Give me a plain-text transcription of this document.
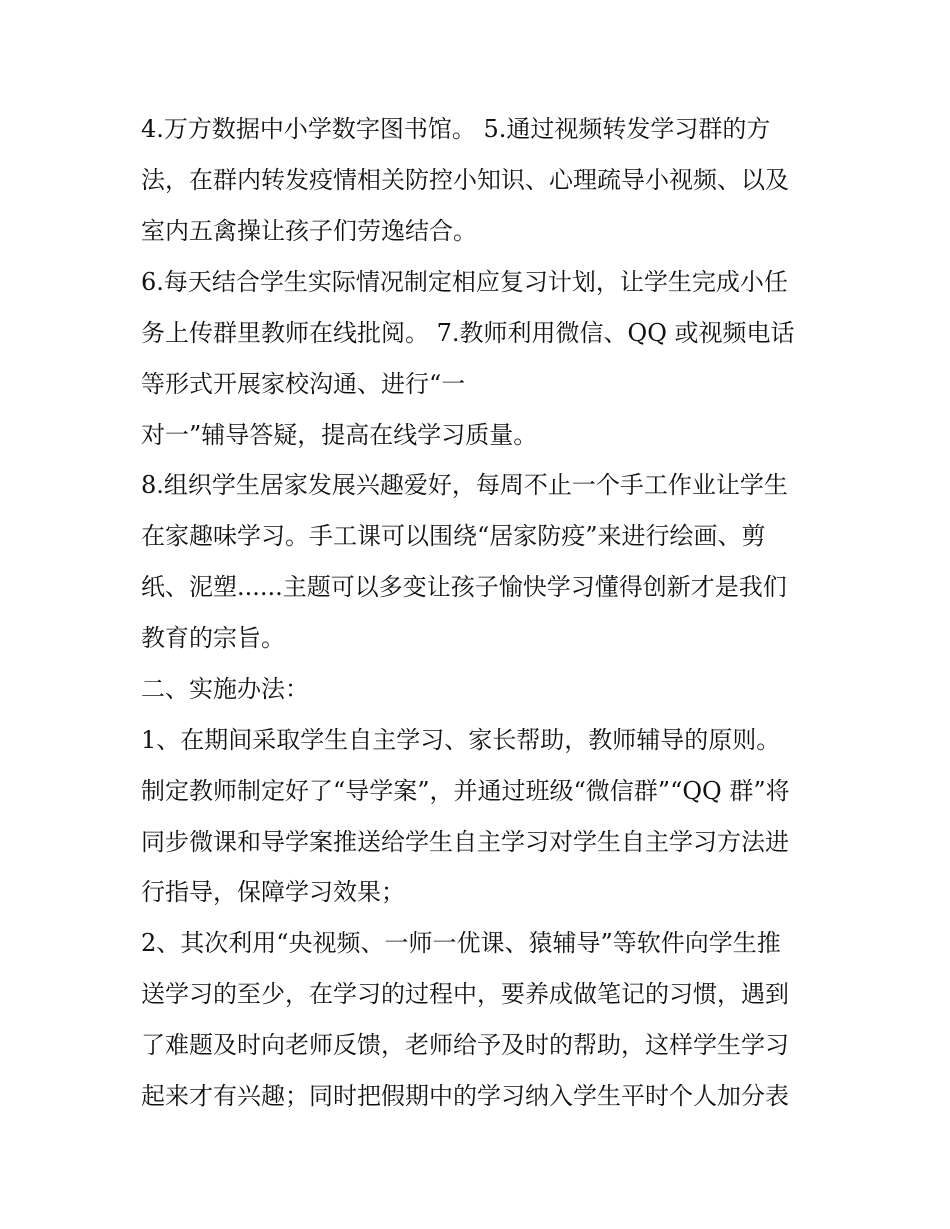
4.万方数据中小学数字图书馆。 5.通过视频转发学习群的方
法，在群内转发疫情相关防控小知识、心理疏导小视频、以及
室内五禽操让孩子们劳逸结合。
6.每天结合学生实际情况制定相应复习计划，让学生完成小任
务上传群里教师在线批阅。 7.教师利用微信、QQ 或视频电话
等形式开展家校沟通、进行“一
对一”辅导答疑，提高在线学习质量。
8.组织学生居家发展兴趣爱好，每周不止一个手工作业让学生
在家趣味学习。手工课可以围绕“居家防疫”来进行绘画、剪
纸、泥塑......主题可以多变让孩子愉快学习懂得创新才是我们
教育的宗旨。
二、实施办法：
1、在期间采取学生自主学习、家长帮助，教师辅导的原则。
制定教师制定好了“导学案”，并通过班级“微信群”“QQ 群”将
同步微课和导学案推送给学生自主学习对学生自主学习方法进
行指导，保障学习效果；
2、其次利用“央视频、一师一优课、猿辅导”等软件向学生推
送学习的至少，在学习的过程中，要养成做笔记的习惯，遇到
了难题及时向老师反馈，老师给予及时的帮助，这样学生学习
起来才有兴趣；同时把假期中的学习纳入学生平时个人加分表
